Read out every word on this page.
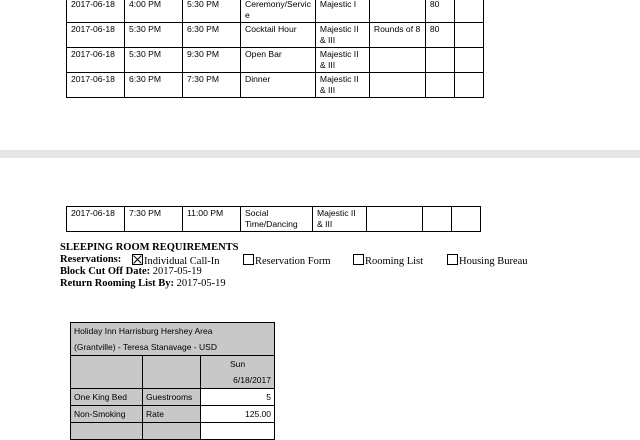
2017-06-18	4:00 PM	5:30 PM	Ceremony/Servic e	Majestic I		80	
2017-06-18	5:30 PM	6:30 PM	Cocktail Hour	Majestic II & III	Rounds of 8	80	
2017-06-18	5:30 PM	9:30 PM	Open Bar	Majestic II & III			
2017-06-18	6:30 PM	7:30 PM	Dinner	Majestic II & III			
2017-06-18	7:30 PM	11:00 PM	Social Time/Dancing	Majestic II & III			
SLEEPING ROOM REQUIREMENTS
Reservations:	Individual Call-In	Reservation Form	Rooming List	Housing Bureau
Block Cut Off Date: 2017-05-19
Return Rooming List By: 2017-05-19
Holiday Inn Harrisburg Hershey Area		
(Grantville) - Teresa Stanavage - USD		
		Sun
		6/18/2017
One King Bed	Guestrooms	5
Non-Smoking	Rate	125.00
